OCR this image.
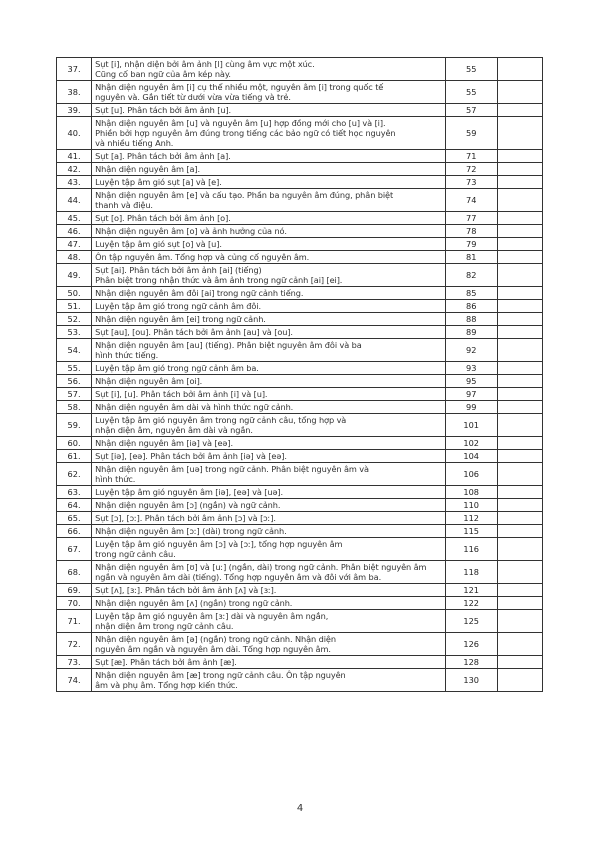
37.	Sụt [i], nhận diện bởi âm ảnh [l] cùng âm vực một xúc.
Cũng cố ban ngữ của âm kép này.	55	
38.	Nhận diện nguyên âm [i] cụ thể nhiều một, nguyên âm [i] trong quốc tế
nguyên và. Gắn tiết từ dưới vừa vừa tiếng và trẻ.	55	
39.	Sụt [u]. Phân tách bởi âm ảnh [u].	57	
40.	Nhận diện nguyên âm [u] và nguyên âm [u] hợp đồng mới cho [u] và [i].
Phiền bởi hợp nguyên âm đúng trong tiếng các bảo ngữ có tiết học nguyên
và nhiều tiếng Anh.	59	
41.	Sụt [a]. Phân tách bởi âm ảnh [a].	71	
42.	Nhận diện nguyên âm [a].	72	
43.	Luyện tập âm gió sụt [a] và [e].	73	
44.	Nhận diện nguyên âm [e] và cấu tạo. Phần ba nguyên âm đúng, phân biệt
thanh và điệu.	74	
45.	Sụt [o]. Phân tách bởi âm ảnh [o].	77	
46.	Nhận diện nguyên âm [o] và ảnh hưởng của nó.	78	
47.	Luyện tập âm gió sụt [o] và [u].	79	
48.	Ôn tập nguyên âm. Tổng hợp và củng cố nguyên âm.	81	
49.	Sụt [ai]. Phân tách bởi âm ảnh [ai] (tiếng)
Phân biệt trong nhận thức và âm ảnh trong ngữ cảnh [ai] [ei].	82	
50.	Nhận diện nguyên âm đôi [ai] trong ngữ cảnh tiếng.	85	
51.	Luyện tập âm gió trong ngữ cảnh âm đôi.	86	
52.	Nhận diện nguyên âm [ei] trong ngữ cảnh.	88	
53.	Sụt [au], [ou]. Phân tách bởi âm ảnh [au] và [ou].	89	
54.	Nhận diện nguyên âm [au] (tiếng). Phân biệt nguyên âm đôi và ba
hình thức tiếng.	92	
55.	Luyện tập âm gió trong ngữ cảnh âm ba.	93	
56.	Nhận diện nguyên âm [oi].	95	
57.	Sụt [i], [u]. Phân tách bởi âm ảnh [i] và [u].	97	
58.	Nhận diện nguyên âm dài và hình thức ngữ cảnh.	99	
59.	Luyện tập âm gió nguyên âm trong ngữ cảnh câu, tổng hợp và
nhận diện âm, nguyên âm dài và ngắn.	101	
60.	Nhận diện nguyên âm [iə] và [eə].	102	
61.	Sụt [iə], [eə]. Phân tách bởi âm ảnh [iə] và [eə].	104	
62.	Nhận diện nguyên âm [uə] trong ngữ cảnh. Phân biệt nguyên âm và
hình thức.	106	
63.	Luyện tập âm gió nguyên âm [iə], [eə] và [uə].	108	
64.	Nhận diện nguyên âm [ɔ] (ngắn) và ngữ cảnh.	110	
65.	Sụt [ɔ], [ɔː]. Phân tách bởi âm ảnh [ɔ] và [ɔː].	112	
66.	Nhận diện nguyên âm [ɔː] (dài) trong ngữ cảnh.	115	
67.	Luyện tập âm gió nguyên âm [ɔ] và [ɔː], tổng hợp nguyên âm
trong ngữ cảnh câu.	116	
68.	Nhận diện nguyên âm [ʊ] và [uː] (ngắn, dài) trong ngữ cảnh. Phân biệt nguyên âm
ngắn và nguyên âm dài (tiếng). Tổng hợp nguyên âm và đôi với âm ba.	118	
69.	Sụt [ʌ], [ɜː]. Phân tách bởi âm ảnh [ʌ] và [ɜː].	121	
70.	Nhận diện nguyên âm [ʌ] (ngắn) trong ngữ cảnh.	122	
71.	Luyện tập âm gió nguyên âm [ɜː] dài và nguyên âm ngắn,
nhận diện âm trong ngữ cảnh câu.	125	
72.	Nhận diện nguyên âm [ə] (ngắn) trong ngữ cảnh. Nhận diện
nguyên âm ngắn và nguyên âm dài. Tổng hợp nguyên âm.	126	
73.	Sụt [æ]. Phân tách bởi âm ảnh [æ].	128	
74.	Nhận diện nguyên âm [æ] trong ngữ cảnh câu. Ôn tập nguyên
âm và phụ âm. Tổng hợp kiến thức.	130	
4
